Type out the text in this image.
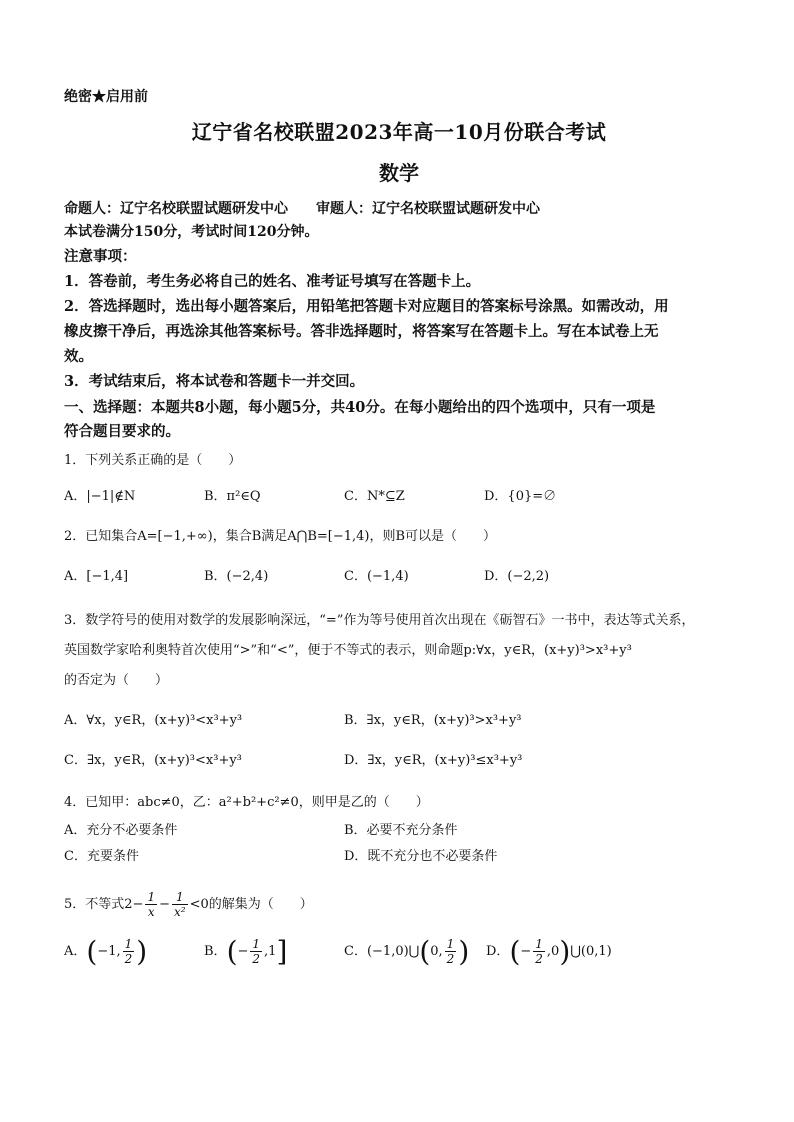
绝密★启用前
辽宁省名校联盟2023年高一10月份联合考试
数学
命题人：辽宁名校联盟试题研发中心 审题人：辽宁名校联盟试题研发中心
本试卷满分150分，考试时间120分钟。
注意事项：
1．答卷前，考生务必将自己的姓名、准考证号填写在答题卡上。
2．答选择题时，选出每小题答案后，用铅笔把答题卡对应题目的答案标号涂黑。如需改动，用
橡皮擦干净后，再选涂其他答案标号。答非选择题时，将答案写在答题卡上。写在本试卷上无
效。
3．考试结束后，将本试卷和答题卡一并交回。
一、选择题：本题共8小题，每小题5分，共40分。在每小题给出的四个选项中，只有一项是
符合题目要求的。
1．下列关系正确的是（　　）
A．|−1|∉N	B．π²∈Q	C．N*⊆Z	D．{0}=∅
2．已知集合A=[−1,+∞)，集合B满足A⋂B=[−1,4)，则B可以是（　　）
A．[−1,4]	B．(−2,4)	C．(−1,4)	D．(−2,2)
3．数学符号的使用对数学的发展影响深远，“=”作为等号使用首次出现在《砺智石》一书中，表达等式关系，
英国数学家哈利奥特首次使用“>”和“<”，便于不等式的表示，则命题p:∀x，y∈R，(x+y)³>x³+y³
的否定为（　　）
A．∀x，y∈R，(x+y)³<x³+y³	B．∃x，y∈R，(x+y)³>x³+y³
C．∃x，y∈R，(x+y)³<x³+y³	D．∃x，y∈R，(x+y)³≤x³+y³
4．已知甲：abc≠0，乙：a²+b²+c²≠0，则甲是乙的（　　）
A．充分不必要条件	B．必要不充分条件
C．充要条件	D．既不充分也不必要条件
5．不等式$2- \frac{1}{x} - \frac{1}{\text{x²}} <0$的解集为（　　）
A． ( −1, $\frac{1}{2}$ )	B． ( − $\frac{1}{2} ,1$ ]	C． (−1,0)⋃ ( 0, $\frac{1}{2}$ ) D． ( − $\frac{1}{2} ,0$ ) ⋃(0,1)
